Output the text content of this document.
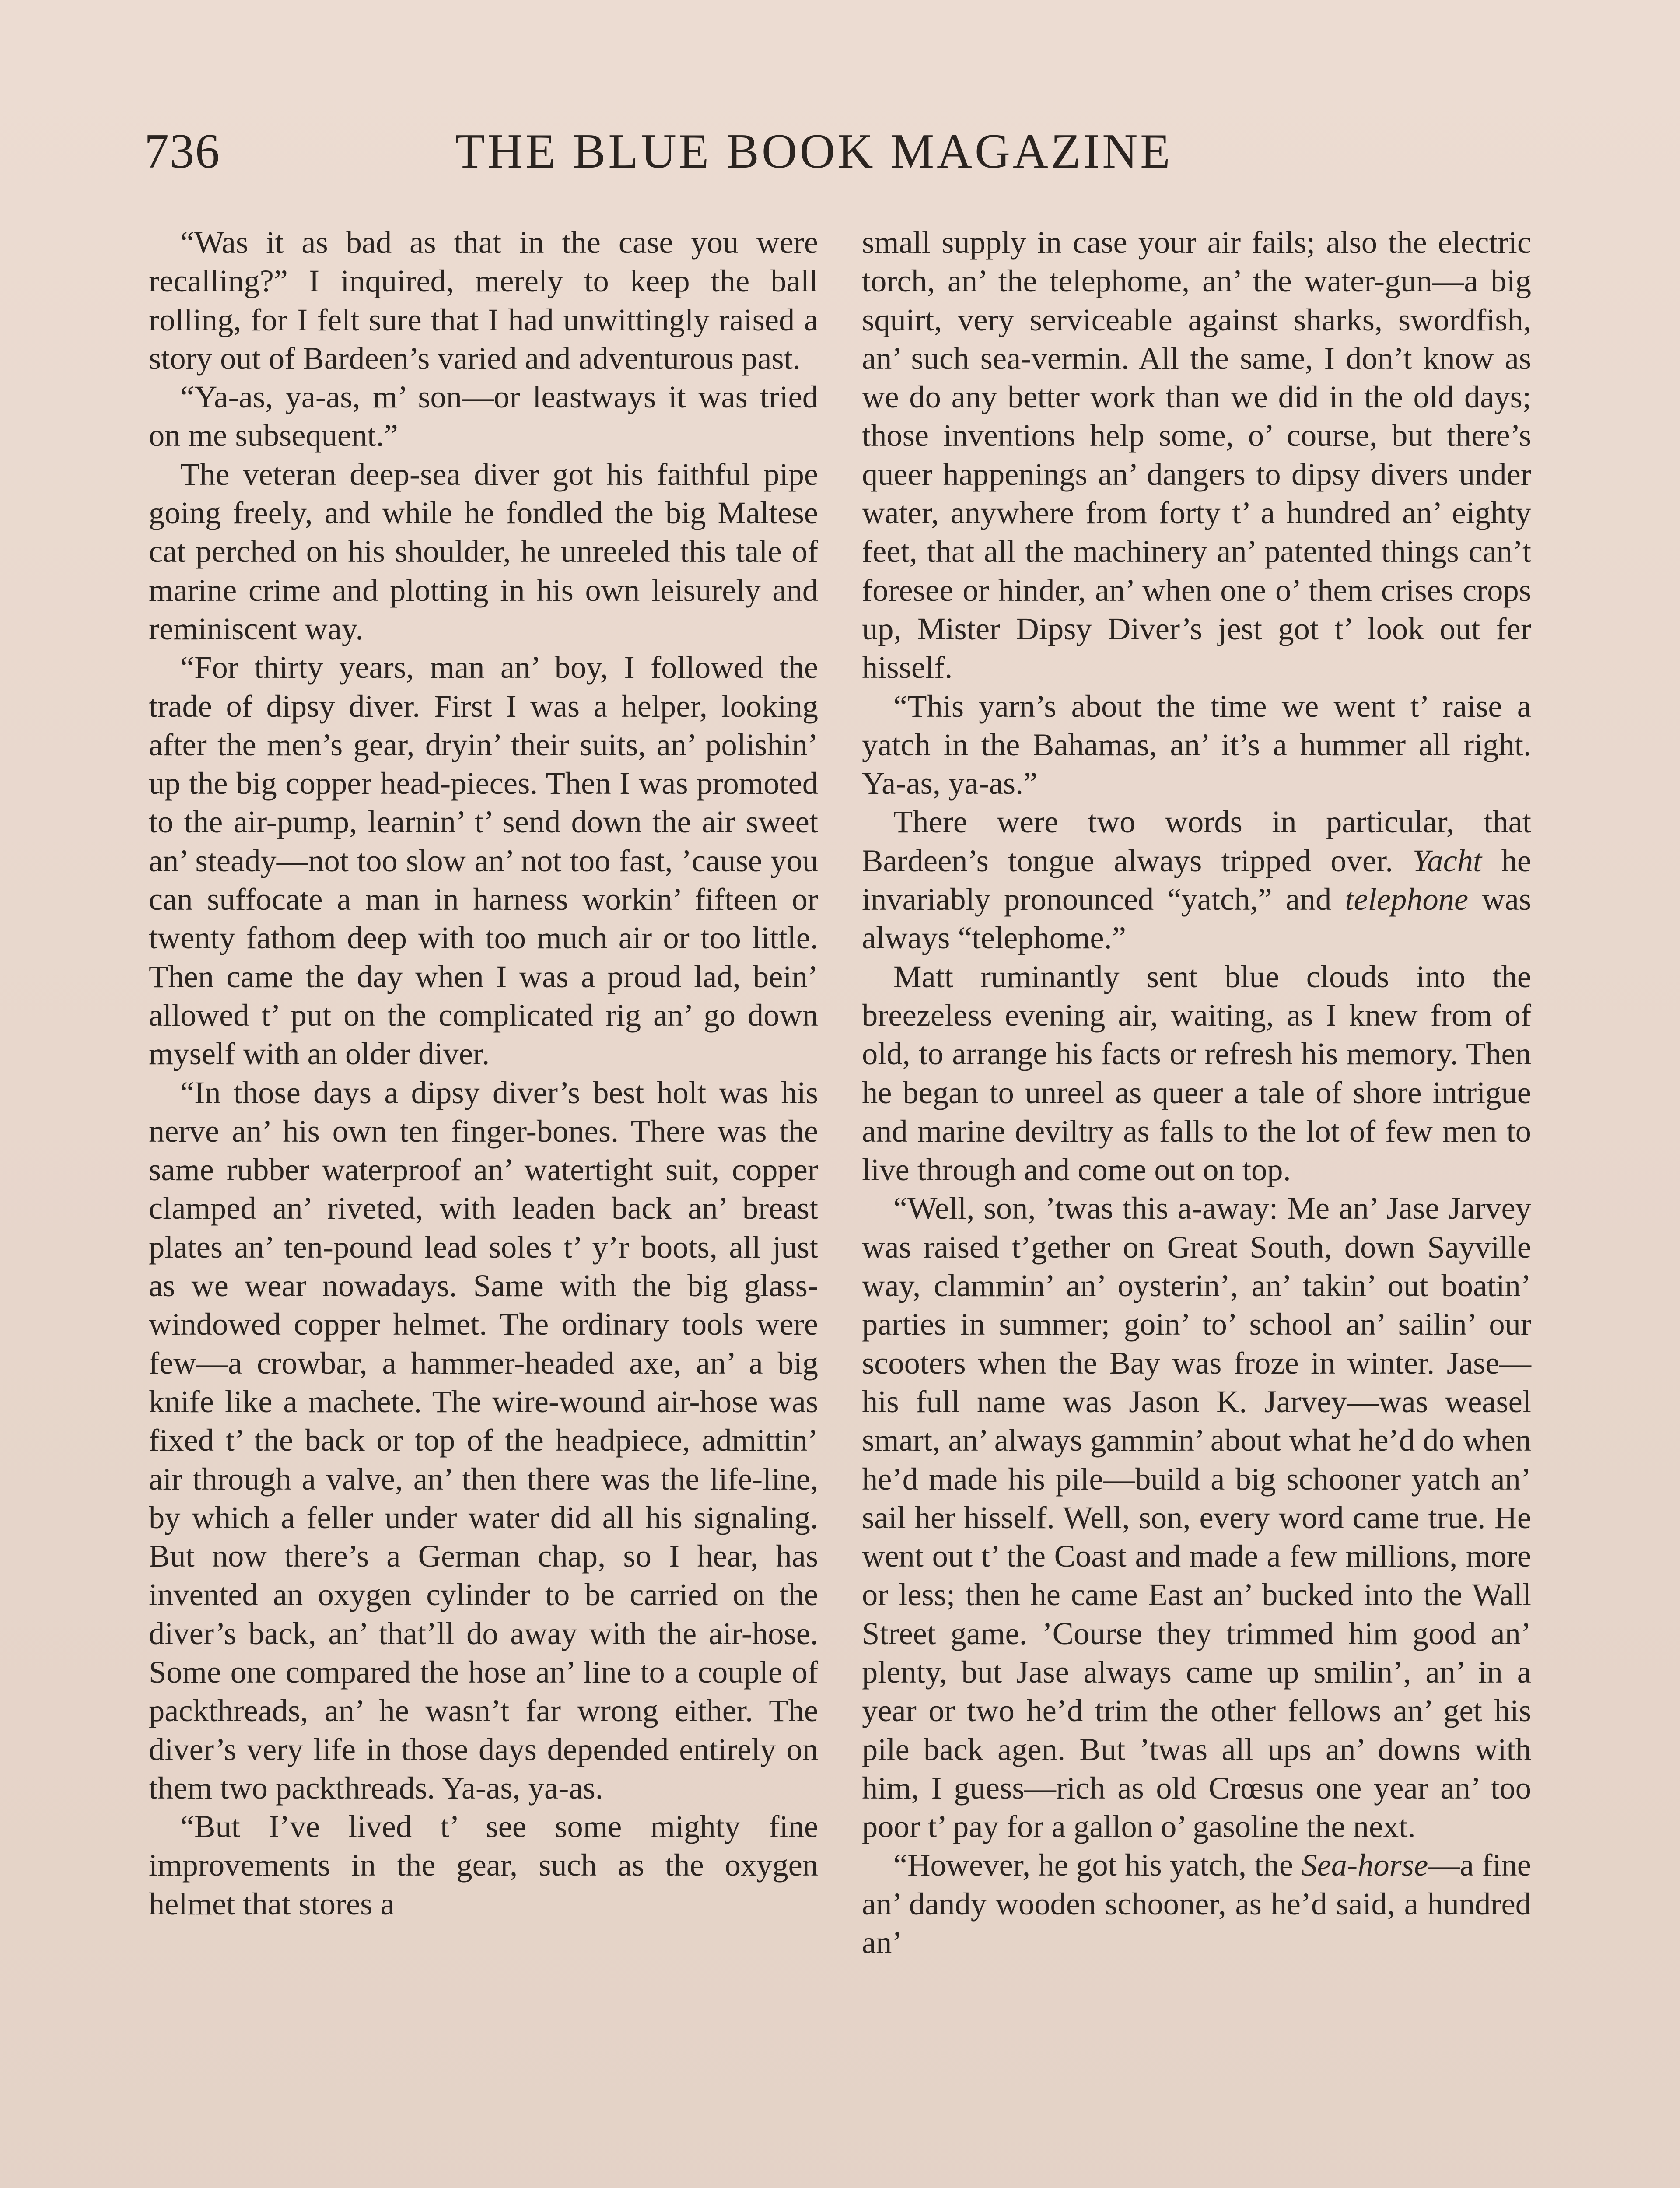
736	THE BLUE BOOK MAGAZINE

“Was it as bad as that in the case you were recalling?” I inquired, merely to keep the ball rolling, for I felt sure that I had unwittingly raised a story out of Bardeen’s varied and adventurous past.

“Ya-as, ya-as, m’ son—or leastways it was tried on me subsequent.”

The veteran deep-sea diver got his faithful pipe going freely, and while he fondled the big Maltese cat perched on his shoulder, he unreeled this tale of marine crime and plotting in his own leisurely and reminiscent way.

“For thirty years, man an’ boy, I followed the trade of dipsy diver. First I was a helper, looking after the men’s gear, dryin’ their suits, an’ polishin’ up the big copper head-pieces. Then I was promoted to the air-pump, learnin’ t’ send down the air sweet an’ steady—not too slow an’ not too fast, ’cause you can suffocate a man in harness workin’ fifteen or twenty fathom deep with too much air or too little. Then came the day when I was a proud lad, bein’ allowed t’ put on the complicated rig an’ go down myself with an older diver.

“In those days a dipsy diver’s best holt was his nerve an’ his own ten finger-bones. There was the same rubber waterproof an’ watertight suit, copper clamped an’ riveted, with leaden back an’ breast plates an’ ten-pound lead soles t’ y’r boots, all just as we wear nowadays. Same with the big glass-windowed copper helmet. The ordinary tools were few—a crowbar, a hammer-headed axe, an’ a big knife like a machete. The wire-wound air-hose was fixed t’ the back or top of the headpiece, admittin’ air through a valve, an’ then there was the life-line, by which a feller under water did all his signaling. But now there’s a German chap, so I hear, has invented an oxygen cylinder to be carried on the diver’s back, an’ that’ll do away with the air-hose. Some one compared the hose an’ line to a couple of packthreads, an’ he wasn’t far wrong either. The diver’s very life in those days depended entirely on them two packthreads. Ya-as, ya-as.

“But I’ve lived t’ see some mighty fine improvements in the gear, such as the oxygen helmet that stores a

small supply in case your air fails; also the electric torch, an’ the telephome, an’ the water-gun—a big squirt, very serviceable against sharks, swordfish, an’ such sea-vermin. All the same, I don’t know as we do any better work than we did in the old days; those inventions help some, o’ course, but there’s queer happenings an’ dangers to dipsy divers under water, anywhere from forty t’ a hundred an’ eighty feet, that all the machinery an’ patented things can’t foresee or hinder, an’ when one o’ them crises crops up, Mister Dipsy Diver’s jest got t’ look out fer hisself.

“This yarn’s about the time we went t’ raise a yatch in the Bahamas, an’ it’s a hummer all right. Ya-as, ya-as.”

There were two words in particular, that Bardeen’s tongue always tripped over. Yacht he invariably pronounced “yatch,” and telephone was always “telephome.”

Matt ruminantly sent blue clouds into the breezeless evening air, waiting, as I knew from of old, to arrange his facts or refresh his memory. Then he began to unreel as queer a tale of shore intrigue and marine deviltry as falls to the lot of few men to live through and come out on top.

“Well, son, ’twas this a-away: Me an’ Jase Jarvey was raised t’gether on Great South, down Sayville way, clammin’ an’ oysterin’, an’ takin’ out boatin’ parties in summer; goin’ to’ school an’ sailin’ our scooters when the Bay was froze in winter. Jase—his full name was Jason K. Jarvey—was weasel smart, an’ always gammin’ about what he’d do when he’d made his pile—build a big schooner yatch an’ sail her hisself. Well, son, every word came true. He went out t’ the Coast and made a few millions, more or less; then he came East an’ bucked into the Wall Street game. ’Course they trimmed him good an’ plenty, but Jase always came up smilin’, an’ in a year or two he’d trim the other fellows an’ get his pile back agen. But ’twas all ups an’ downs with him, I guess—rich as old Crœsus one year an’ too poor t’ pay for a gallon o’ gasoline the next.

“However, he got his yatch, the Sea-horse—a fine an’ dandy wooden schooner, as he’d said, a hundred an’
